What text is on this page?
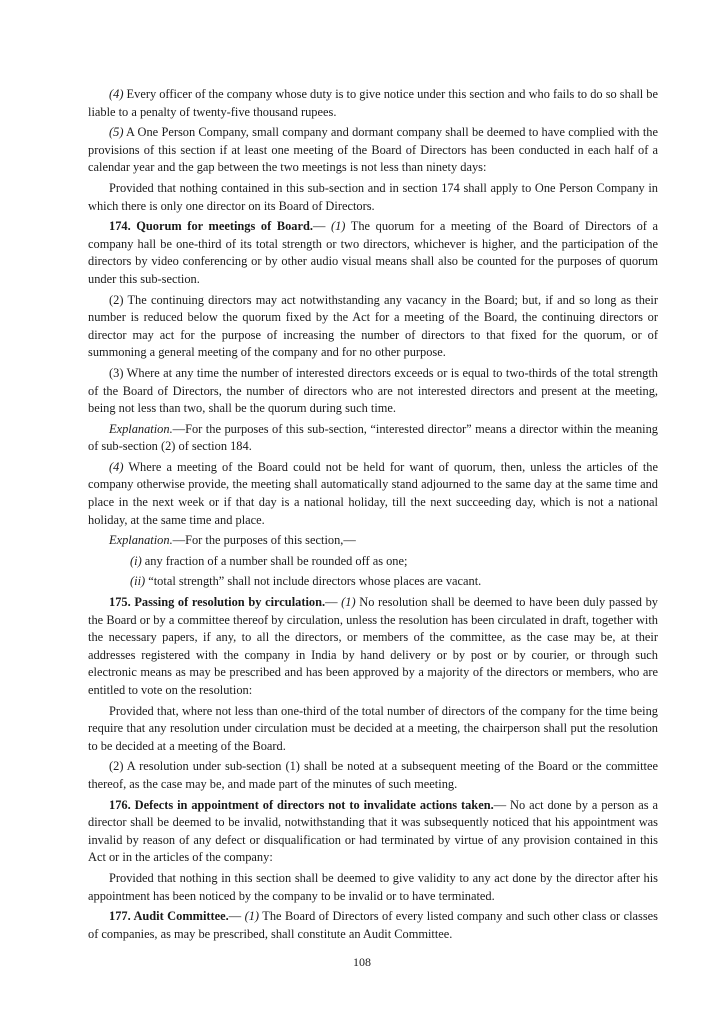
(4) Every officer of the company whose duty is to give notice under this section and who fails to do so shall be liable to a penalty of twenty-five thousand rupees.

(5) A One Person Company, small company and dormant company shall be deemed to have complied with the provisions of this section if at least one meeting of the Board of Directors has been conducted in each half of a calendar year and the gap between the two meetings is not less than ninety days:

Provided that nothing contained in this sub-section and in section 174 shall apply to One Person Company in which there is only one director on its Board of Directors.

174. Quorum for meetings of Board.— (1) The quorum for a meeting of the Board of Directors of a company hall be one-third of its total strength or two directors, whichever is higher, and the participation of the directors by video conferencing or by other audio visual means shall also be counted for the purposes of quorum under this sub-section.

(2) The continuing directors may act notwithstanding any vacancy in the Board; but, if and so long as their number is reduced below the quorum fixed by the Act for a meeting of the Board, the continuing directors or director may act for the purpose of increasing the number of directors to that fixed for the quorum, or of summoning a general meeting of the company and for no other purpose.

(3) Where at any time the number of interested directors exceeds or is equal to two-thirds of the total strength of the Board of Directors, the number of directors who are not interested directors and present at the meeting, being not less than two, shall be the quorum during such time.

Explanation.—For the purposes of this sub-section, “interested director” means a director within the meaning of sub-section (2) of section 184.

(4) Where a meeting of the Board could not be held for want of quorum, then, unless the articles of the company otherwise provide, the meeting shall automatically stand adjourned to the same day at the same time and place in the next week or if that day is a national holiday, till the next succeeding day, which is not a national holiday, at the same time and place.

Explanation.—For the purposes of this section,—

(i) any fraction of a number shall be rounded off as one;

(ii) “total strength” shall not include directors whose places are vacant.

175. Passing of resolution by circulation.— (1) No resolution shall be deemed to have been duly passed by the Board or by a committee thereof by circulation, unless the resolution has been circulated in draft, together with the necessary papers, if any, to all the directors, or members of the committee, as the case may be, at their addresses registered with the company in India by hand delivery or by post or by courier, or through such electronic means as may be prescribed and has been approved by a majority of the directors or members, who are entitled to vote on the resolution:

Provided that, where not less than one-third of the total number of directors of the company for the time being require that any resolution under circulation must be decided at a meeting, the chairperson shall put the resolution to be decided at a meeting of the Board.

(2) A resolution under sub-section (1) shall be noted at a subsequent meeting of the Board or the committee thereof, as the case may be, and made part of the minutes of such meeting.

176. Defects in appointment of directors not to invalidate actions taken.— No act done by a person as a director shall be deemed to be invalid, notwithstanding that it was subsequently noticed that his appointment was invalid by reason of any defect or disqualification or had terminated by virtue of any provision contained in this Act or in the articles of the company:

Provided that nothing in this section shall be deemed to give validity to any act done by the director after his appointment has been noticed by the company to be invalid or to have terminated.

177. Audit Committee.— (1) The Board of Directors of every listed company and such other class or classes of companies, as may be prescribed, shall constitute an Audit Committee.

108
